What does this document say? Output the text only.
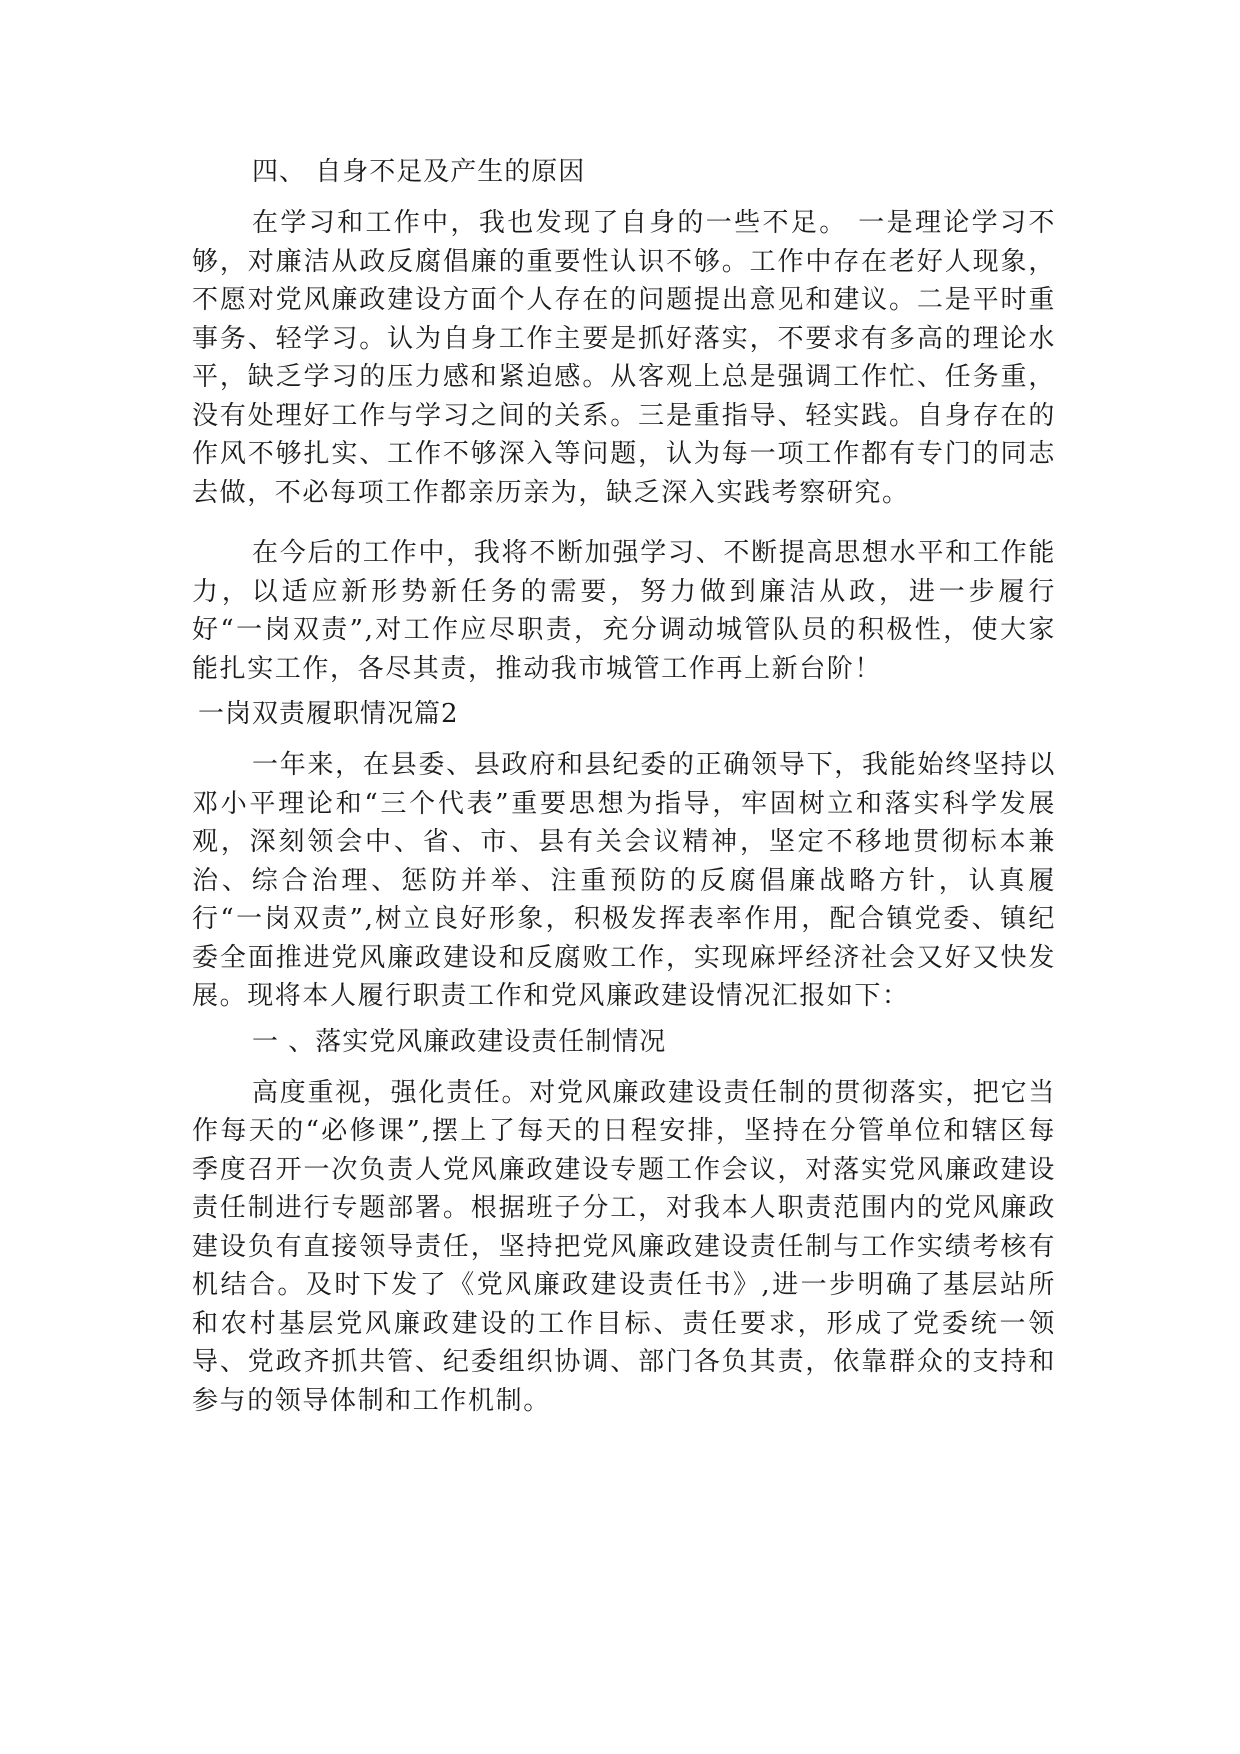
四、 自身不足及产生的原因

在学习和工作中，我也发现了自身的一些不足。 一是理论学习不够，对廉洁从政反腐倡廉的重要性认识不够。工作中存在老好人现象，不愿对党风廉政建设方面个人存在的问题提出意见和建议。二是平时重事务、轻学习。认为自身工作主要是抓好落实，不要求有多高的理论水平，缺乏学习的压力感和紧迫感。从客观上总是强调工作忙、任务重，没有处理好工作与学习之间的关系。三是重指导、轻实践。自身存在的作风不够扎实、工作不够深入等问题，认为每一项工作都有专门的同志去做，不必每项工作都亲历亲为，缺乏深入实践考察研究。

在今后的工作中，我将不断加强学习、不断提高思想水平和工作能力，以适应新形势新任务的需要，努力做到廉洁从政，进一步履行好“一岗双责”,对工作应尽职责，充分调动城管队员的积极性，使大家能扎实工作，各尽其责，推动我市城管工作再上新台阶！

一岗双责履职情况篇2

一年来，在县委、县政府和县纪委的正确领导下，我能始终坚持以邓小平理论和“三个代表”重要思想为指导，牢固树立和落实科学发展观，深刻领会中、省、市、县有关会议精神，坚定不移地贯彻标本兼治、综合治理、惩防并举、注重预防的反腐倡廉战略方针，认真履行“一岗双责”,树立良好形象，积极发挥表率作用，配合镇党委、镇纪委全面推进党风廉政建设和反腐败工作，实现麻坪经济社会又好又快发展。现将本人履行职责工作和党风廉政建设情况汇报如下：

一 、落实党风廉政建设责任制情况

高度重视，强化责任。对党风廉政建设责任制的贯彻落实，把它当作每天的“必修课”,摆上了每天的日程安排，坚持在分管单位和辖区每季度召开一次负责人党风廉政建设专题工作会议，对落实党风廉政建设责任制进行专题部署。根据班子分工，对我本人职责范围内的党风廉政建设负有直接领导责任，坚持把党风廉政建设责任制与工作实绩考核有机结合。及时下发了《党风廉政建设责任书》,进一步明确了基层站所和农村基层党风廉政建设的工作目标、责任要求，形成了党委统一领导、党政齐抓共管、纪委组织协调、部门各负其责，依靠群众的支持和参与的领导体制和工作机制。
